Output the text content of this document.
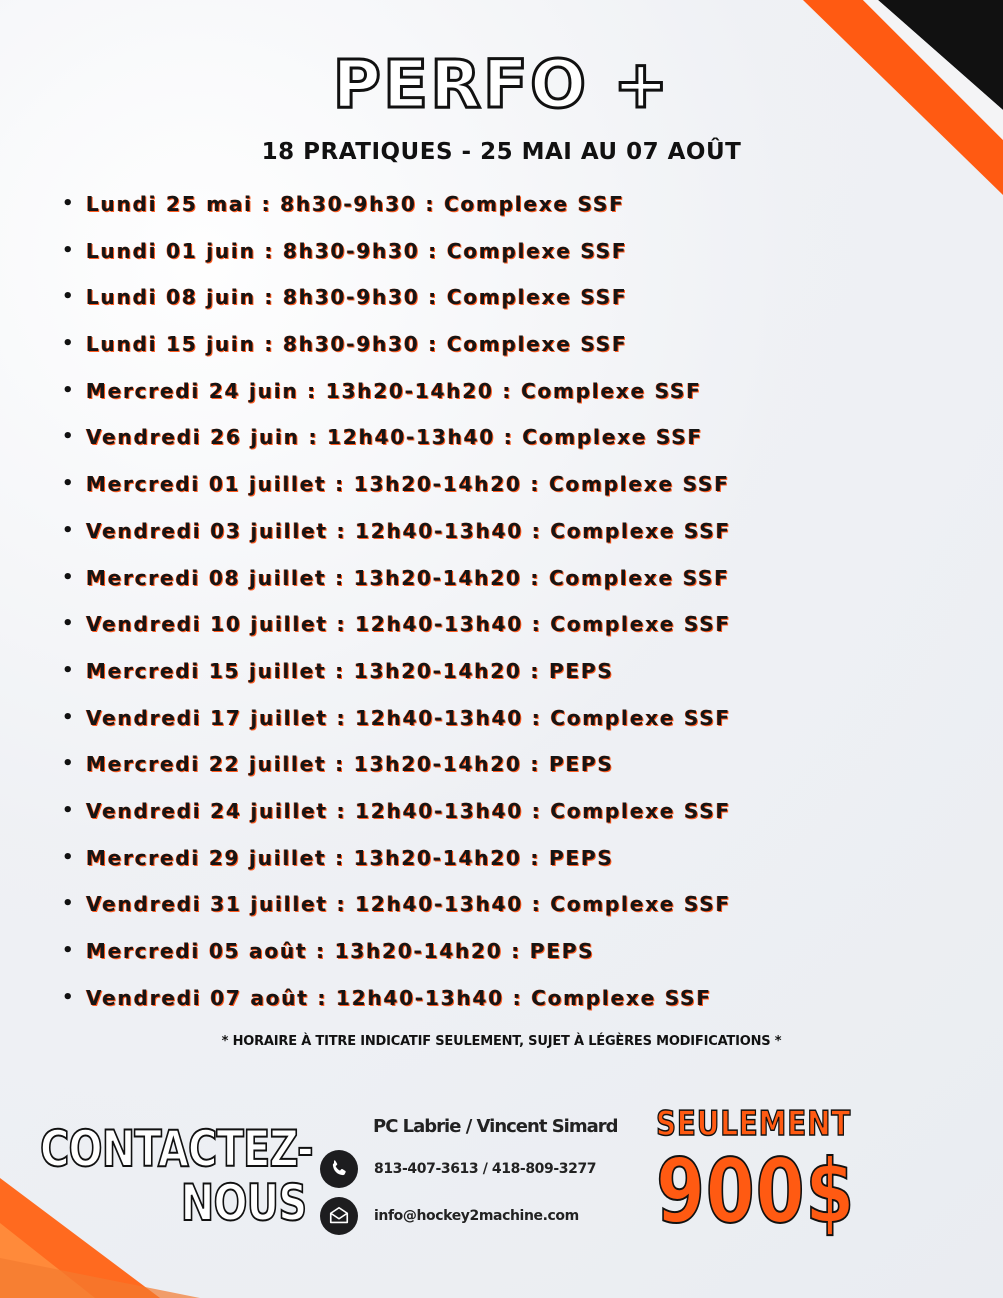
PERFO +
18 PRATIQUES - 25 MAI AU 07 AOÛT
• Lundi 25 mai : 8h30-9h30 : Complexe SSF
• Lundi 01 juin : 8h30-9h30 : Complexe SSF
• Lundi 08 juin : 8h30-9h30 : Complexe SSF
• Lundi 15 juin : 8h30-9h30 : Complexe SSF
• Mercredi 24 juin : 13h20-14h20 : Complexe SSF
• Vendredi 26 juin : 12h40-13h40 : Complexe SSF
• Mercredi 01 juillet : 13h20-14h20 : Complexe SSF
• Vendredi 03 juillet : 12h40-13h40 : Complexe SSF
• Mercredi 08 juillet : 13h20-14h20 : Complexe SSF
• Vendredi 10 juillet : 12h40-13h40 : Complexe SSF
• Mercredi 15 juillet : 13h20-14h20 : PEPS
• Vendredi 17 juillet : 12h40-13h40 : Complexe SSF
• Mercredi 22 juillet : 13h20-14h20 : PEPS
• Vendredi 24 juillet : 12h40-13h40 : Complexe SSF
• Mercredi 29 juillet : 13h20-14h20 : PEPS
• Vendredi 31 juillet : 12h40-13h40 : Complexe SSF
• Mercredi 05 août : 13h20-14h20 : PEPS
• Vendredi 07 août : 12h40-13h40 : Complexe SSF
* HORAIRE À TITRE INDICATIF SEULEMENT, SUJET À LÉGÈRES MODIFICATIONS *
CONTACTEZ-
NOUS
PC Labrie / Vincent Simard
813-407-3613 / 418-809-3277
info@hockey2machine.com
SEULEMENT
900$
